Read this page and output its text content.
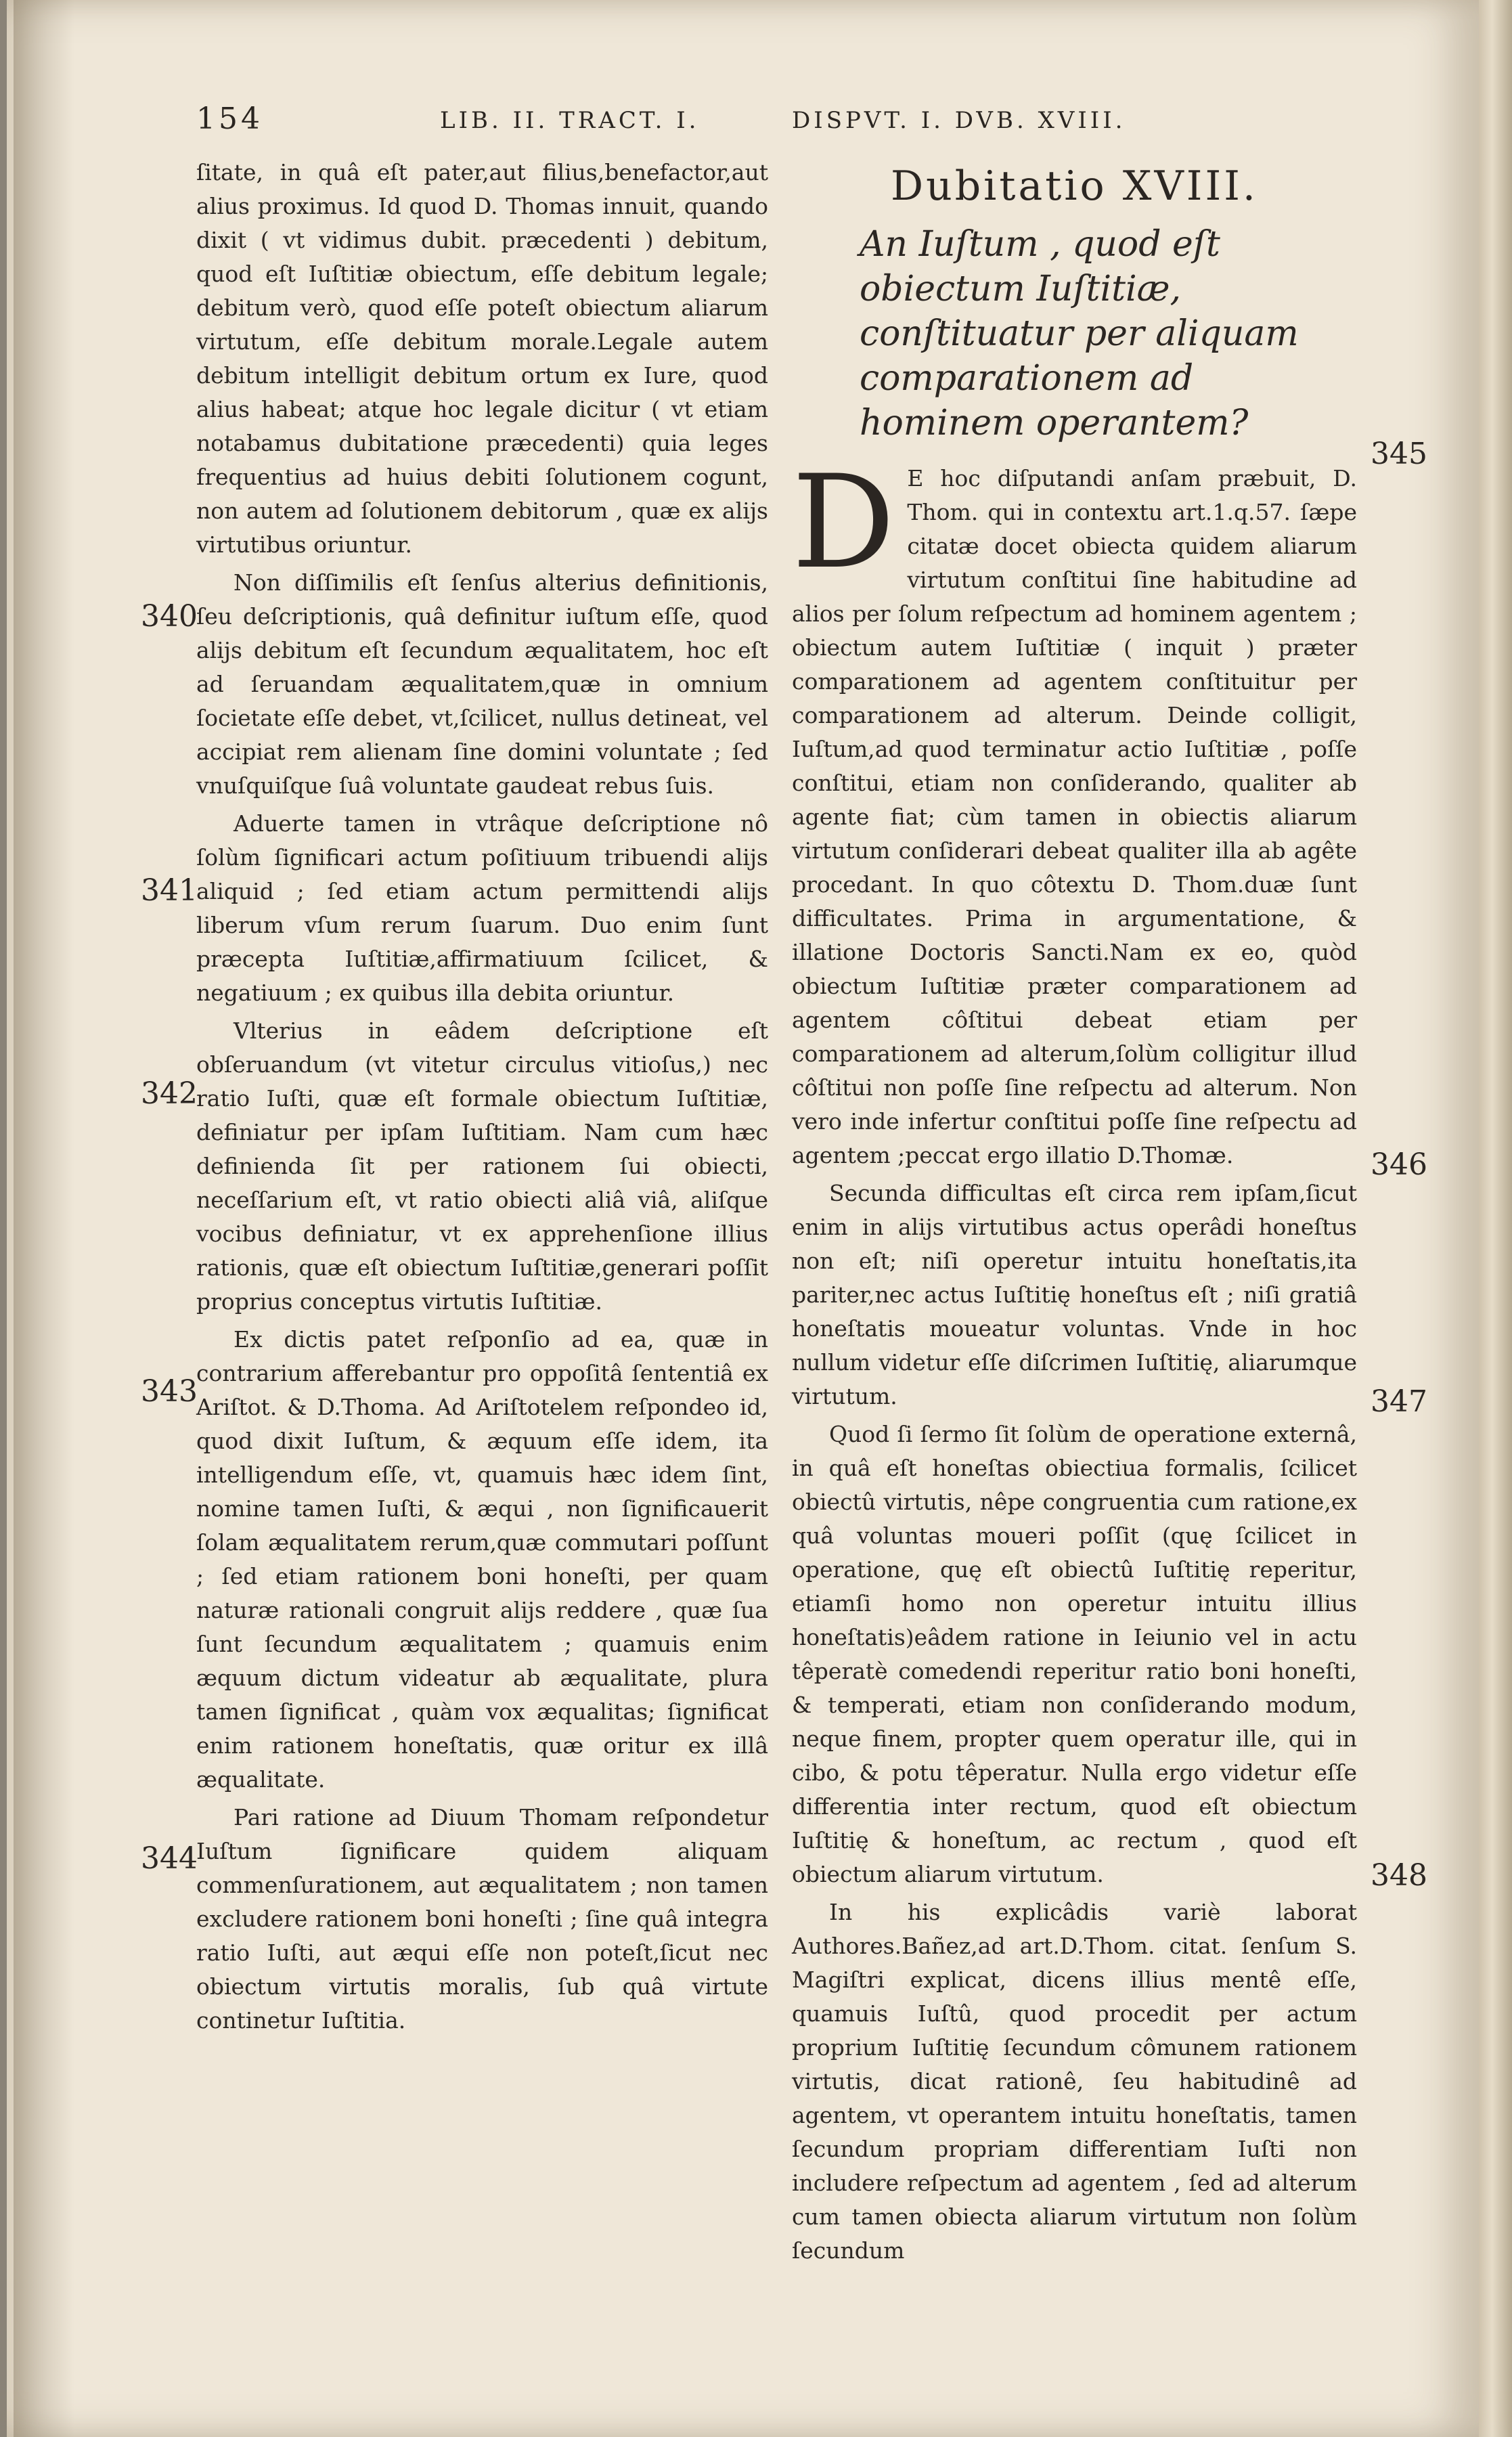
154	LIB. II. TRACT. I.	DISPVT. I. DVB. XVIII.

ſitate, in quâ eſt pater,aut filius,benefactor,aut alius proximus. Id quod D. Thomas innuit, quando dixit ( vt vidimus dubit. præcedenti ) debitum, quod eſt Iuſtitiæ obiectum, eſſe debitum legale; debitum verò, quod eſſe poteſt obiectum aliarum virtutum, eſſe debitum morale.Legale autem debitum intelligit debitum ortum ex Iure, quod alius habeat; atque hoc legale dicitur ( vt etiam notabamus dubitatione præcedenti) quia leges frequentius ad huius debiti ſolutionem cogunt, non autem ad ſolutionem debitorum , quæ ex alijs virtutibus oriuntur.

Non diſſimilis eſt ſenſus alterius definitionis, ſeu deſcriptionis, quâ definitur iuſtum eſſe, quod alijs debitum eſt ſecundum æqualitatem, hoc eſt ad ſeruandam æqualitatem,quæ in omnium ſocietate eſſe debet, vt,ſcilicet, nullus detineat, vel accipiat rem alienam ſine domini voluntate ; ſed vnuſquiſque ſuâ voluntate gaudeat rebus ſuis.

Aduerte tamen in vtrâque deſcriptione nô ſolùm ſignificari actum poſitiuum tribuendi alijs aliquid ; ſed etiam actum permittendi alijs liberum vſum rerum ſuarum. Duo enim ſunt præcepta Iuſtitiæ,affirmatiuum ſcilicet, & negatiuum ; ex quibus illa debita oriuntur.

Vlterius in eâdem deſcriptione eſt obſeruandum (vt vitetur circulus vitioſus,) nec ratio Iuſti, quæ eſt formale obiectum Iuſtitiæ, definiatur per ipſam Iuſtitiam. Nam cum hæc definienda ſit per rationem ſui obiecti, neceſſarium eſt, vt ratio obiecti aliâ viâ, aliſque vocibus definiatur, vt ex apprehenſione illius rationis, quæ eſt obiectum Iuſtitiæ,generari poſſit proprius conceptus virtutis Iuſtitiæ.

Ex dictis patet reſponſio ad ea, quæ in contrarium afferebantur pro oppoſitâ ſententiâ ex Ariſtot. & D.Thoma. Ad Ariſtotelem reſpondeo id, quod dixit Iuſtum, & æquum eſſe idem, ita intelligendum eſſe, vt, quamuis hæc idem ſint, nomine tamen Iuſti, & æqui , non ſignificauerit ſolam æqualitatem rerum,quæ commutari poſſunt ; ſed etiam rationem boni honeſti, per quam naturæ rationali congruit alijs reddere , quæ ſua ſunt ſecundum æqualitatem ; quamuis enim æquum dictum videatur ab æqualitate, plura tamen ſignificat , quàm vox æqualitas; ſignificat enim rationem honeſtatis, quæ oritur ex illâ æqualitate.

Pari ratione ad Diuum Thomam reſpondetur Iuſtum ſignificare quidem aliquam commenſurationem, aut æqualitatem ; non tamen excludere rationem boni honeſti ; ſine quâ integra ratio Iuſti, aut æqui eſſe non poteſt,ſicut nec obiectum virtutis moralis, ſub quâ virtute continetur Iuſtitia.

340
341
342
343
344
Dubitatio XVIII.
An Iuſtum , quod eſt obiectum Iuſtitiæ, conſtituatur per aliquam comparationem ad hominem operantem?

D E hoc diſputandi anſam præbuit, D. Thom. qui in contextu art.1.q.57. ſæpe citatæ docet obiecta quidem aliarum virtutum conſtitui ſine habitudine ad alios per ſolum reſpectum ad hominem agentem ; obiectum autem Iuſtitiæ ( inquit ) præter comparationem ad agentem conſtituitur per comparationem ad alterum. Deinde colligit, Iuſtum,ad quod terminatur actio Iuſtitiæ , poſſe conſtitui, etiam non conſiderando, qualiter ab agente fiat; cùm tamen in obiectis aliarum virtutum conſiderari debeat qualiter illa ab agête procedant. In quo côtextu D. Thom.duæ ſunt difficultates. Prima in argumentatione, & illatione Doctoris Sancti.Nam ex eo, quòd obiectum Iuſtitiæ præter comparationem ad agentem côſtitui debeat etiam per comparationem ad alterum,ſolùm colligitur illud côſtitui non poſſe ſine reſpectu ad alterum. Non vero inde infertur conſtitui poſſe ſine reſpectu ad agentem ;peccat ergo illatio D.Thomæ.

Secunda difficultas eſt circa rem ipſam,ſicut enim in alijs virtutibus actus operâdi honeſtus non eſt; niſi operetur intuitu honeſtatis,ita pariter,nec actus Iuſtitię honeſtus eſt ; niſi gratiâ honeſtatis moueatur voluntas. Vnde in hoc nullum videtur eſſe diſcrimen Iuſtitię, aliarumque virtutum.

Quod ſi ſermo ſit ſolùm de operatione externâ, in quâ eſt honeſtas obiectiua formalis, ſcilicet obiectû virtutis, nêpe congruentia cum ratione,ex quâ voluntas moueri poſſit (quę ſcilicet in operatione, quę eſt obiectû Iuſtitię reperitur, etiamſi homo non operetur intuitu illius honeſtatis)eâdem ratione in Ieiunio vel in actu têperatè comedendi reperitur ratio boni honeſti, & temperati, etiam non conſiderando modum, neque finem, propter quem operatur ille, qui in cibo, & potu têperatur. Nulla ergo videtur eſſe differentia inter rectum, quod eſt obiectum Iuſtitię & honeſtum, ac rectum , quod eſt obiectum aliarum virtutum.

In his explicâdis variè laborat Authores.Bañez,ad art.D.Thom. citat. ſenſum S. Magiſtri explicat, dicens illius mentê eſſe, quamuis Iuſtû, quod procedit per actum proprium Iuſtitię ſecundum cômunem rationem virtutis, dicat rationê, ſeu habitudinê ad agentem, vt operantem intuitu honeſtatis, tamen ſecundum propriam differentiam Iuſti non includere reſpectum ad agentem , ſed ad alterum cum tamen obiecta aliarum virtutum non ſolùm ſecundum

345
346
347
348
